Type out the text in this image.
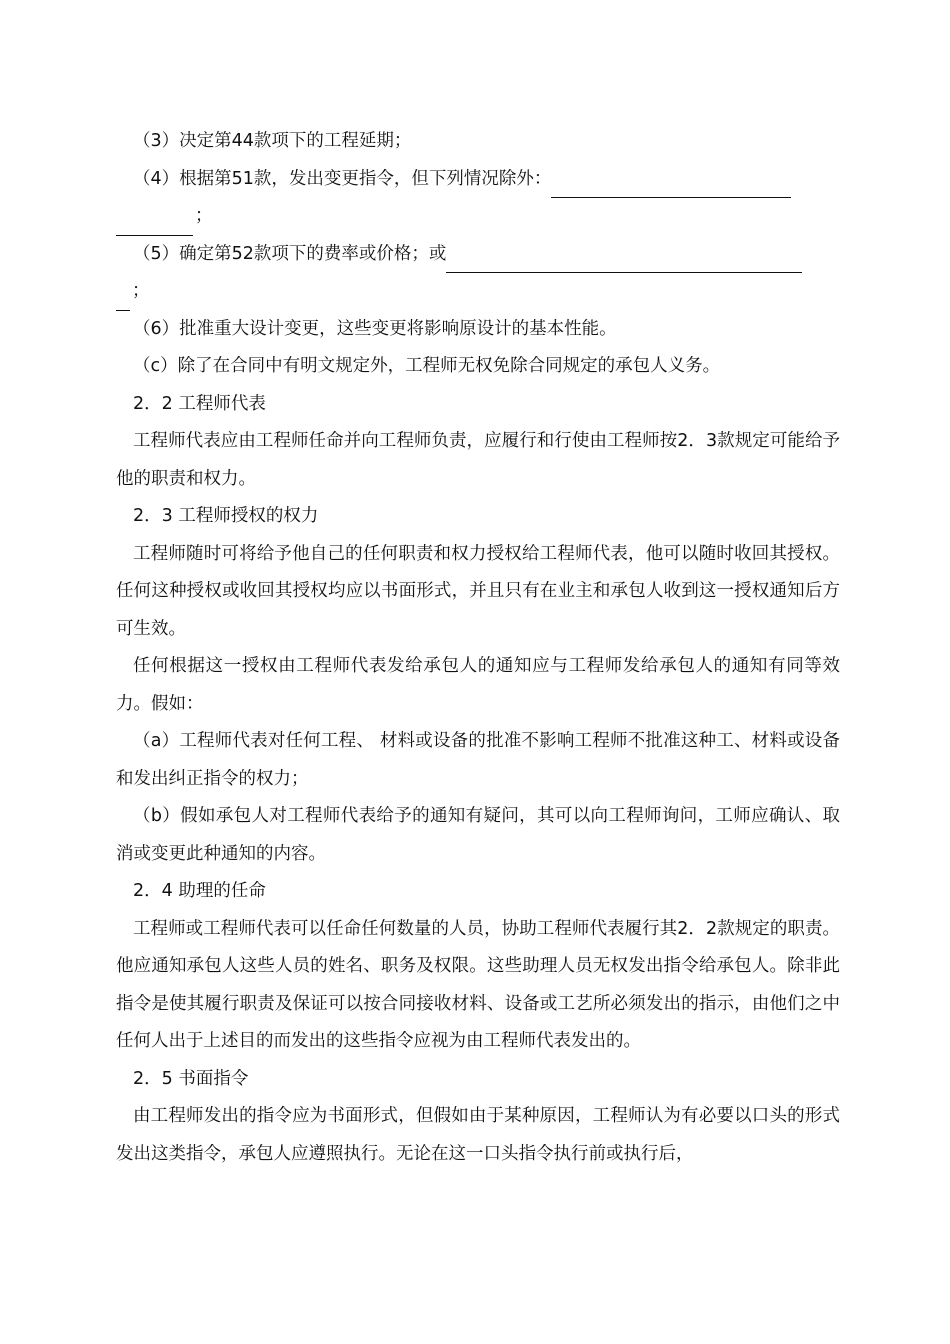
（3）决定第44款项下的工程延期；

（4）根据第51款，发出变更指令，但下列情况除外：
；

（5）确定第52款项下的费率或价格；或
；

（6）批准重大设计变更，这些变更将影响原设计的基本性能。

（c）除了在合同中有明文规定外，工程师无权免除合同规定的承包人义务。

2．2 工程师代表

工程师代表应由工程师任命并向工程师负责，应履行和行使由工程师按2．3款规定可能给予他的职责和权力。

2．3 工程师授权的权力

工程师随时可将给予他自己的任何职责和权力授权给工程师代表，他可以随时收回其授权。任何这种授权或收回其授权均应以书面形式，并且只有在业主和承包人收到这一授权通知后方可生效。

任何根据这一授权由工程师代表发给承包人的通知应与工程师发给承包人的通知有同等效力。假如：

（a）工程师代表对任何工程、 材料或设备的批准不影响工程师不批准这种工、材料或设备和发出纠正指令的权力；

（b）假如承包人对工程师代表给予的通知有疑问，其可以向工程师询问，工师应确认、取消或变更此种通知的内容。

2．4 助理的任命

工程师或工程师代表可以任命任何数量的人员，协助工程师代表履行其2．2款规定的职责。他应通知承包人这些人员的姓名、职务及权限。这些助理人员无权发出指令给承包人。除非此指令是使其履行职责及保证可以按合同接收材料、设备或工艺所必须发出的指示，由他们之中任何人出于上述目的而发出的这些指令应视为由工程师代表发出的。

2．5 书面指令

由工程师发出的指令应为书面形式，但假如由于某种原因，工程师认为有必要以口头的形式发出这类指令，承包人应遵照执行。无论在这一口头指令执行前或执行后，
